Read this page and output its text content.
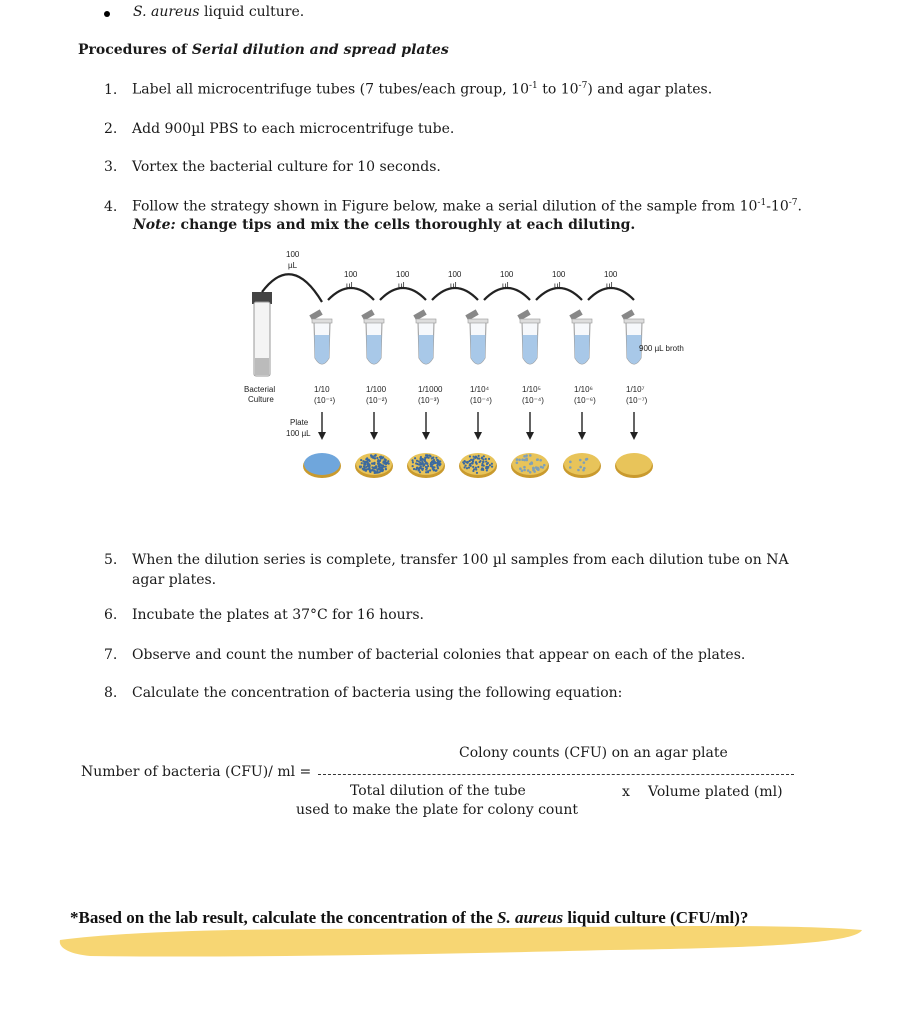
S. aureus liquid culture.
Procedures of Serial dilution and spread plates
1. Label all microcentrifuge tubes (7 tubes/each group, $10^{-1}$ to $10^{-7}$) and agar plates.
2. Add 900µl PBS to each microcentrifuge tube.
3. Vortex the bacterial culture for 10 seconds.
4. Follow the strategy shown in Figure below, make a serial dilution of the sample from $10^{-1}-10^{-7}$.
Note: change tips and mix the cells thoroughly at each diluting.
Bacterial
Culture
100
µL
100
µL
100
µL
100
µL
100
µL
100
µL
100
µL
1/10
(10⁻¹)
1/100
(10⁻²)
1/1000
(10⁻³)
1/10⁴
(10⁻⁴)
1/10⁵
(10⁻⁴)
1/10⁶
(10⁻⁶)
1/10⁷
(10⁻⁷)
900 µL broth
Plate
100 µL
5.	When the dilution series is complete, transfer 100 µl samples from each dilution tube on NA agar plates.
6. Incubate the plates at 37°C for 16 hours.
7. Observe and count the number of bacterial colonies that appear on each of the plates.
8. Calculate the concentration of bacteria using the following equation:
Colony counts (CFU) on an agar plate
Number of bacteria (CFU)/ ml =
Total dilution of the tube
used to make the plate for colony count
x Volume plated (ml)
*Based on the lab result, calculate the concentration of the S. aureus liquid culture (CFU/ml)?
